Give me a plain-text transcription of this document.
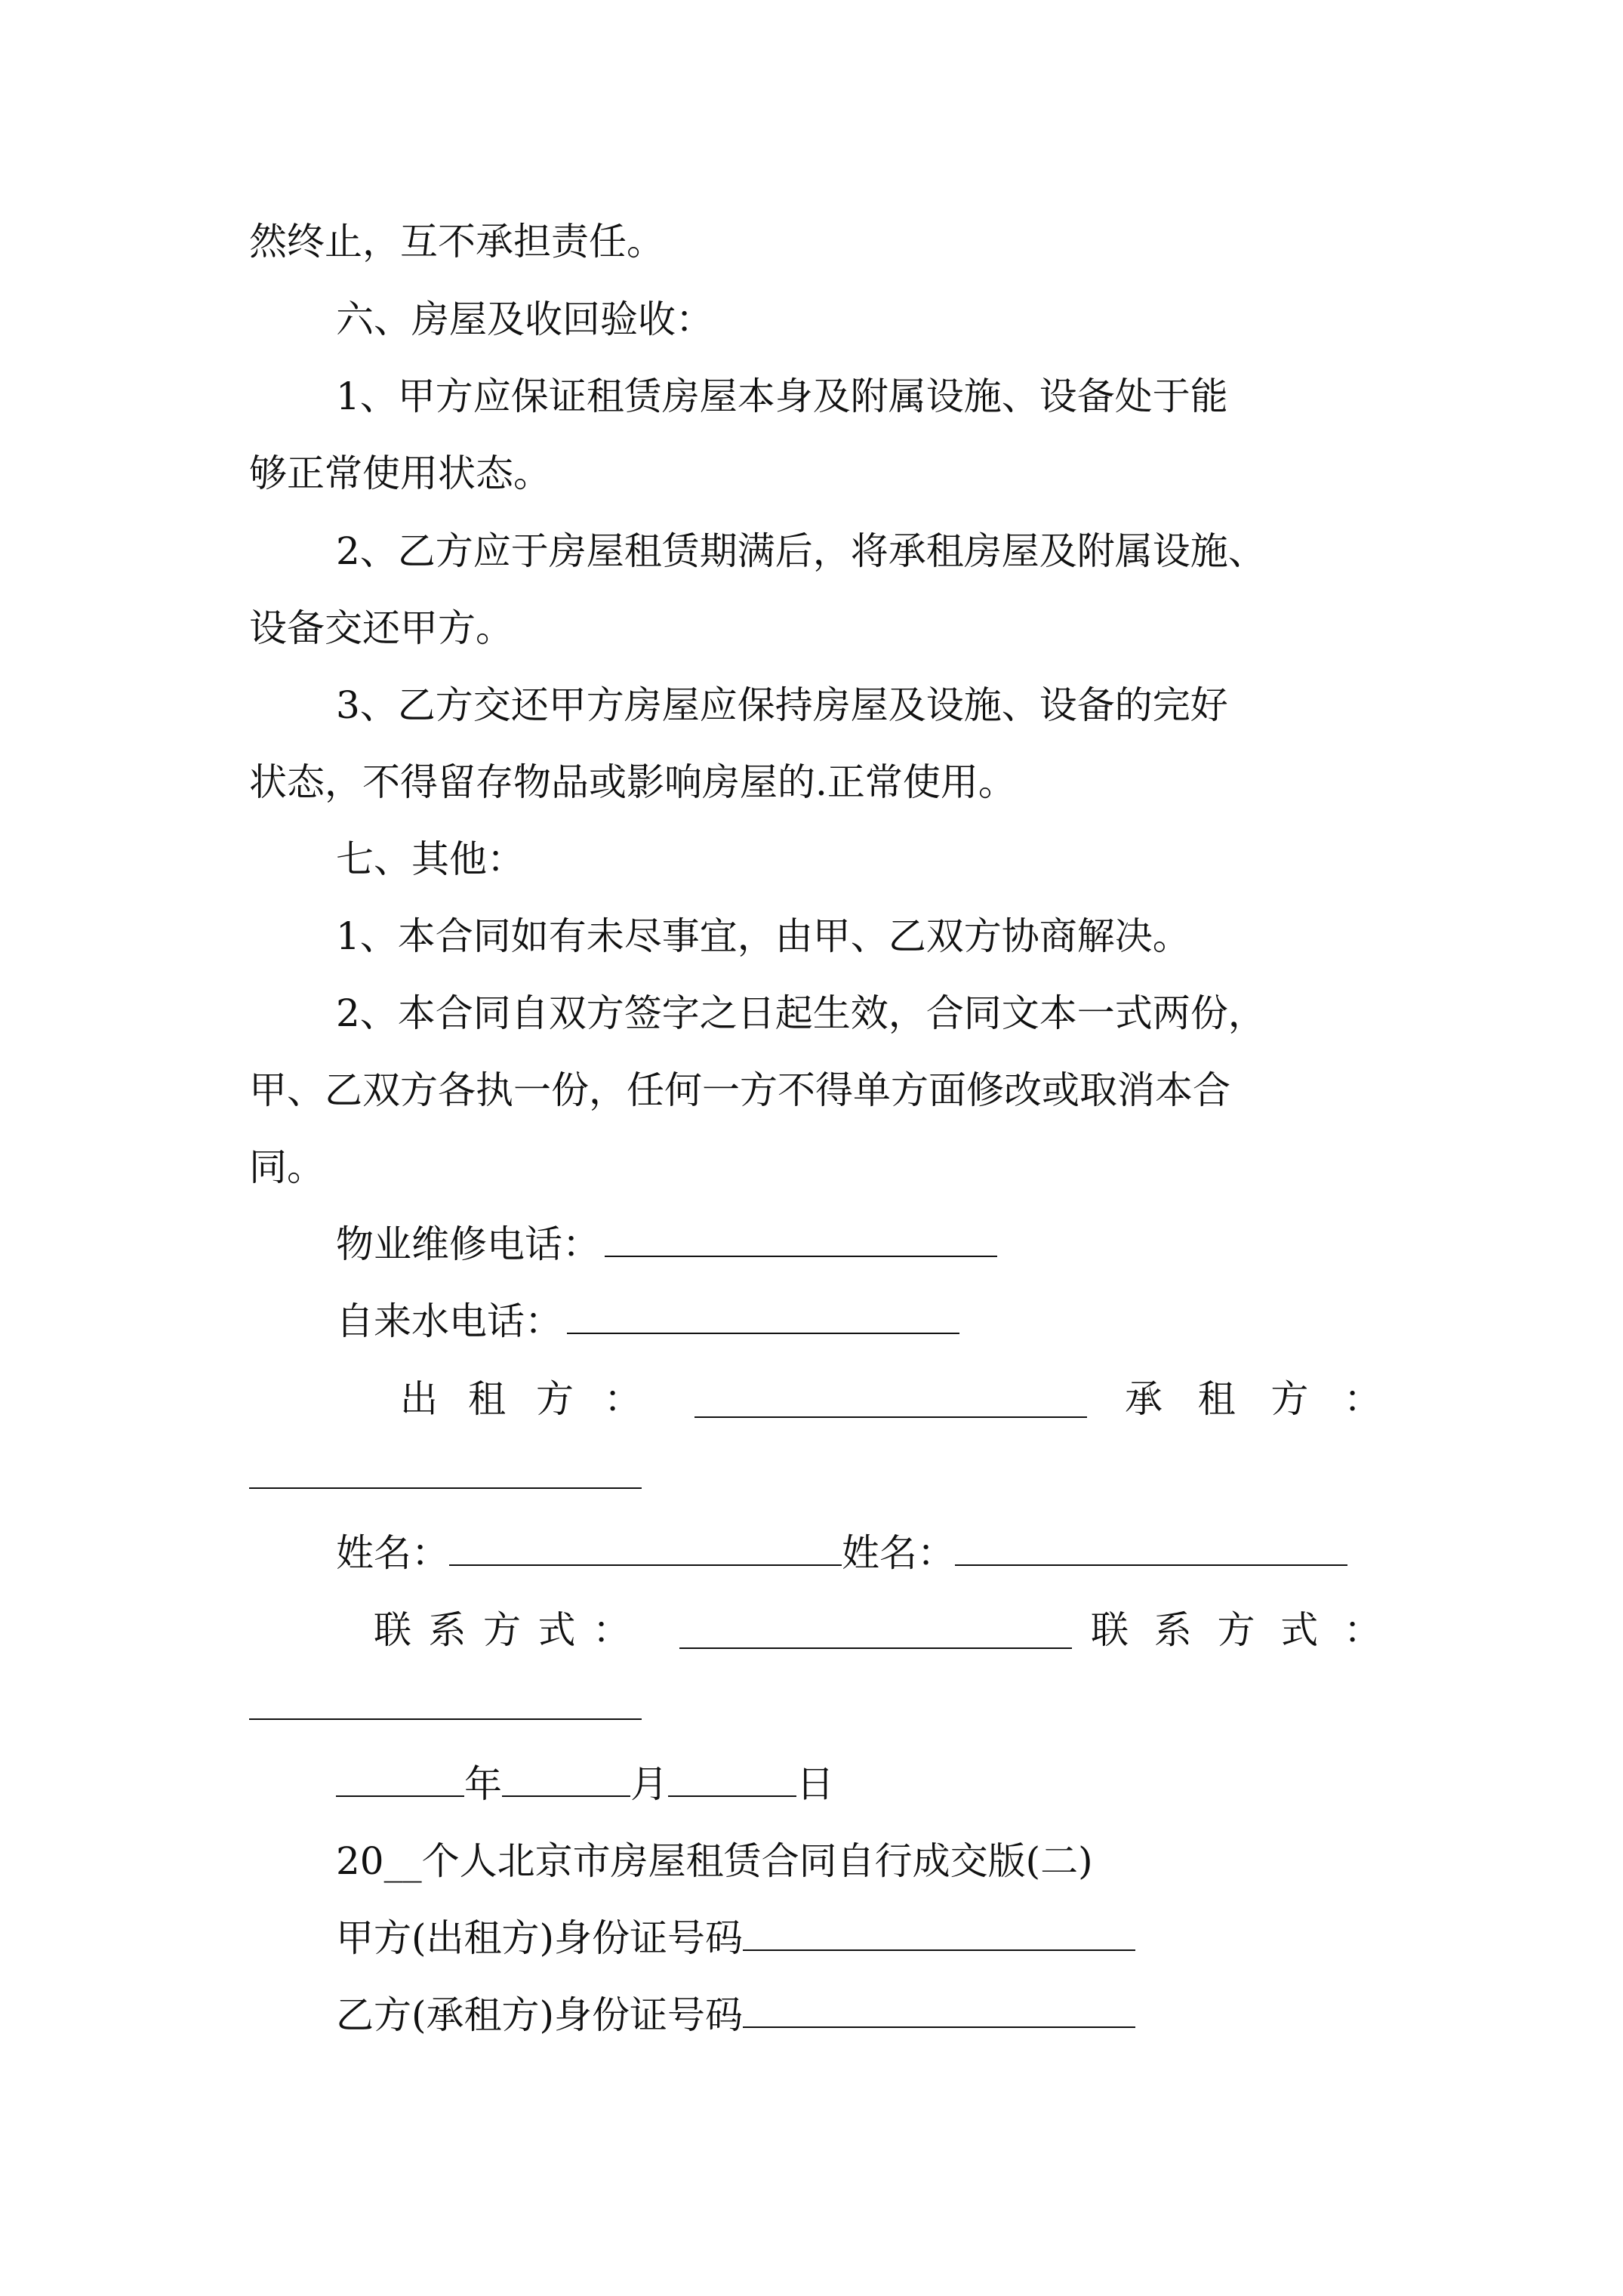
然终止，互不承担责任。
六、房屋及收回验收：
1、甲方应保证租赁房屋本身及附属设施、设备处于能
够正常使用状态。
2、乙方应于房屋租赁期满后，将承租房屋及附属设施、
设备交还甲方。
3、乙方交还甲方房屋应保持房屋及设施、设备的完好
状态，不得留存物品或影响房屋的.正常使用。
七、其他：
1、本合同如有未尽事宜，由甲、乙双方协商解决。
2、本合同自双方签字之日起生效，合同文本一式两份，
甲、乙双方各执一份，任何一方不得单方面修改或取消本合
同。
物业维修电话：
自来水电话：
出 租 方 ：	承 租 方 ：
姓名：	姓名：
联 系 方 式 ：	联 系 方 式 ：
年	月	日
20__个人北京市房屋租赁合同自行成交版(二)
甲方(出租方)身份证号码
乙方(承租方)身份证号码
